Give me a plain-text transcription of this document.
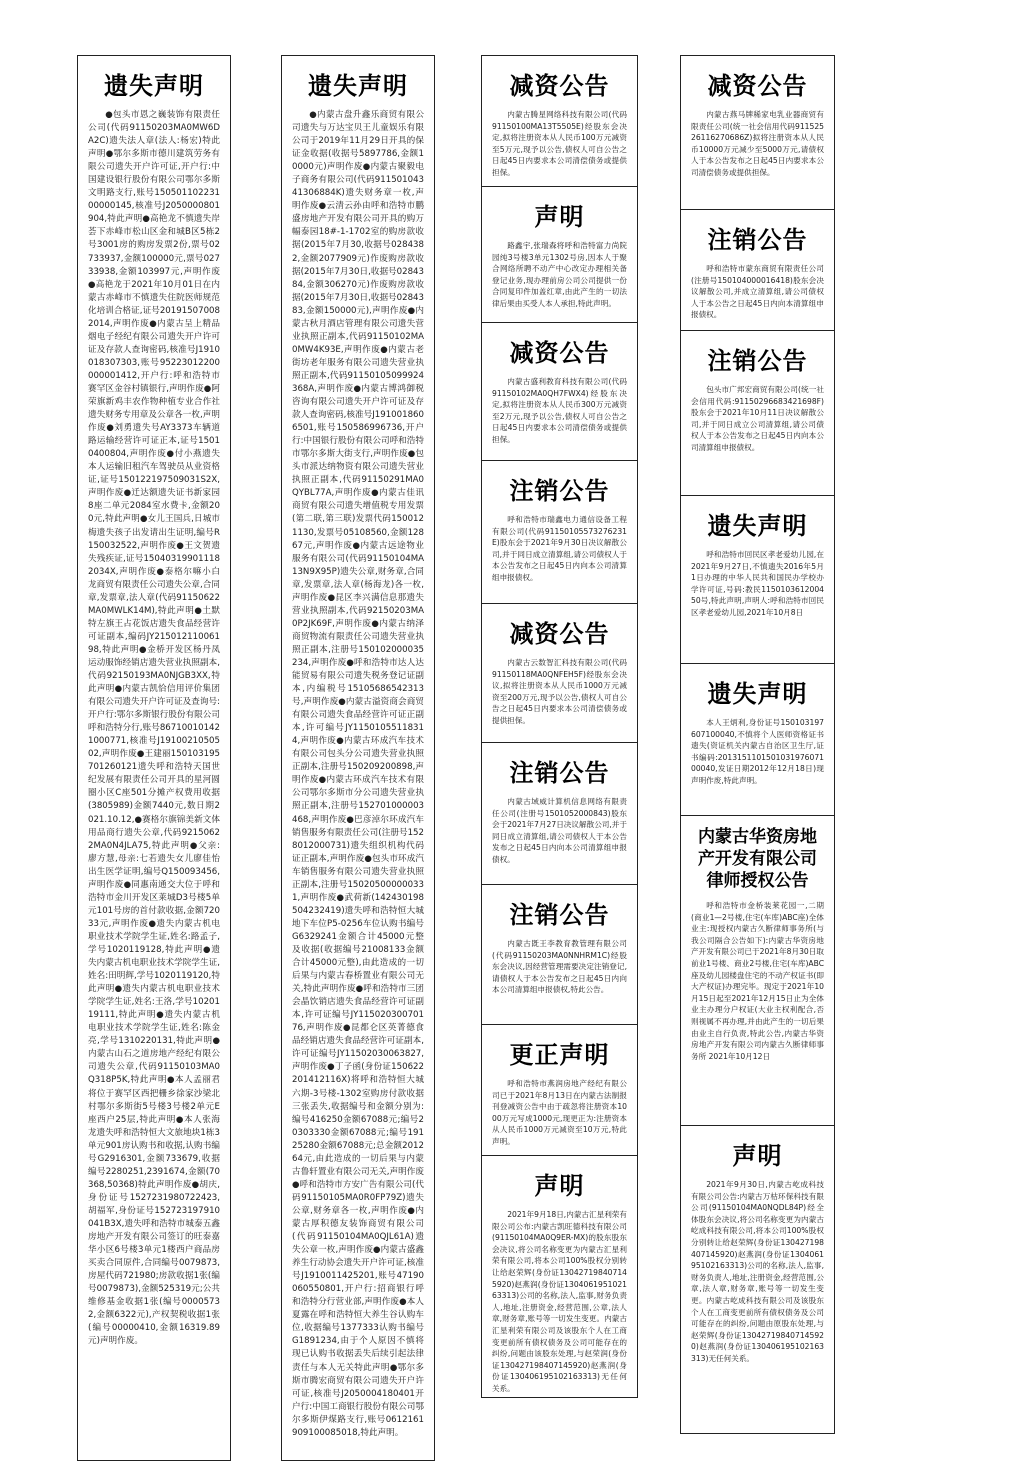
遗失声明

●包头市恩之巍装饰有限责任公司(代码91150203MA0MW6DA2C)遗失法人章(法人:杨宏)特此声明●鄂尔多斯市德川建筑劳务有限公司遗失开户许可证,开户行:中国建设银行股份有限公司鄂尔多斯文明路支行,账号15050110223100000145,核准号J2050000801904,特此声明●高艳龙不慎遗失岸荟下赤峰市松山区金和城B区5栋2号3001房的购房发票2份,票号02733937,金额100000元,票号02733938,金额103997元,声明作废●高艳龙于2021年10月01日在内蒙古赤峰市不慎遗失住院医师规范化培训合格证,证号201915070082014,声明作废●内蒙古呈上精品烟电子经纪有限公司遗失开户许可证及存款人查询密码,核准号J1910018307303,账号95223012200000001412,开户行:呼和浩特市赛罕区金谷村镇银行,声明作废●阿荣旗新鸡丰农作物种植专业合作社遗失财务专用章及公章各一枚,声明作废●刘勇遗失号AY3373车辆道路运输经营许可证正本,证号15010400804,声明作废●付小燕遗失本人运输旧租汽车驾驶员从业资格证,证号150122197509031S2X,声明作废●迁达额遗失证书新家园8座二单元2084室水费卡,金额200元,特此声明●女儿王国兵,日城市梅遗失孩子出发请出生证明,编号R150032522,声明作废●王文贺遗失残疾证,证号150403199011182034X,声明作废●泰格尔嘛小白龙商贸有限责任公司遗失公章,合同章,发票章,法人章(代码91150622MA0MWLK14M),特此声明●土默特左旗王占花饭店遗失食品经营许可证副本,编码JY21501211006198,特此声明●金桥开发区杨丹凤运动服饰经销店遗失营业执照副本,代码92150193MA0NJGB3XX,特此声明●内蒙古凯恰信用评价集团有限公司遗失开户许可证及查询号:开户行:鄂尔多斯银行股份有限公司呼和浩特分行,账号867100101421000771,核准号J1910021050502,声明作废●王建丽150103195701260121遗失呼和浩特天国世纪发展有限责任公司开具的星河圆圈小区C座501分摊产权费用收据(3805989)金额7440元,数日期2021.10.12,●赛格尔旗锦美新文体用品商行遗失公章,代码92150622MA0N4JLA75,特此声明●父亲:廖方慧,母亲:七若遗失女儿廖佳怡出生医学证明,编号Q150093456,声明作废●同惠南通交大位于呼和浩特市金川开发区莱城D3号楼5单元101号房的首付款收据,金额72033元,声明作废●遗失内蒙古机电职业技术学院学生证,姓名:路孟子,学号1020119128,特此声明●遗失内蒙古机电职业技术学院学生证,姓名:田明辉,学号1020119120,特此声明●遗失内蒙古机电职业技术学院学生证,姓名:王洛,学号1020119111,特此声明●遗失内蒙古机电职业技术学院学生证,姓名:陈金亮,学号1310220131,特此声明●内蒙古山石之道房地产经纪有限公司遗失公章,代码91150103MA0Q318P5K,特此声明●本人孟丽君将位于赛罕区西把栅乡徐家沙梁北村鄂尔多斯街5号楼3号楼2单元E座西户25层,特此声明●本人张海龙遗失呼和浩特恒大文旅地块1栋3单元901房认购书和收据,认购书编号G2916301,金额733679,收据编号2280251,2391674,金额(70368,50368)特此声明作废●胡庆,身份证号1527231980722423,胡福军,身份证号152723197910041B3X,遗失呼和浩特市城泰五鑫房地产开发有限公司签订的旺泰嘉华小区6号楼3单元1楼西户商品房买卖合同原件,合同编号0079873,房屋代码721980;房款收据1张(编号0079873),金额525319元;公共维修基金收据1张(编号00005732,金额6322元),产权契税收据1张(编号00000410,金额16319.89元)声明作废。

遗失声明

●内蒙古盘升鑫乐商贸有限公司遗失与万达宝贝王儿童娱乐有限公司于2019年11月29日开具的保证金收据(收据号5897786,金额10000元)声明作废●内蒙古聚毅电子商务有限公司(代码91150104341306884K)遗失财务章一枚,声明作废●云清云孙由呼和浩特市鹏盛房地产开发有限公司开具的购万幅泰园18#-1-1702室的购房款收据(2015年7月30,收据号0284382,金额2077909元)作废购房款收据(2015年7月30日,收据号0284384,金额306270元)作废购房款收据(2015年7月30日,收据号0284383,金额150000元),声明作废●内蒙古秋月酒店管理有限公司遗失营业执照正副本,代码91150102MA0MW4K93E,声明作废●内蒙古老街坊老年服务有限公司遗失营业执照正副本,代码91150105099924368A,声明作废●内蒙古博鸿御税咨询有限公司遗失开户许可证及存款人查询密码,核准号J1910018606501,账号150586996736,开户行:中国银行股份有限公司呼和浩特市鄂尔多斯大街支行,声明作废●包头市派达纳物资有限公司遗失营业执照正副本,代码91150291MA0QYBL77A,声明作废●内蒙古佳讯商贸有限公司遗失增值税专用发票(第二联,第三联)发票代码1500121130,发票号05108560,金额12867元,声明作废●内蒙古远途物业服务有限公司(代码91150104MA13N9X95P)遗失公章,财务章,合同章,发票章,法人章(杨海龙)各一枚,声明作废●昆区李兴满信息那遗失营业执照副本,代码92150203MA0P2JK69F,声明作废●内蒙古纳泽商贸物流有限责任公司遗失营业执照正副本,注册号150102000035234,声明作废●呼和浩特市达人达能贸易有限公司遗失税务登记证副本,内编税号15105686542313号,声明作废●内蒙古溢资商会商贸有限公司遗失食品经营许可证正副本,许可编号JY11501055118314,声明作废●内蒙古环成汽车技术有限公司包头分公司遗失营业执照正副本,注册号150209200898,声明作废●内蒙古环成汽车技术有限公司鄂尔多斯市分公司遗失营业执照正副本,注册号152701000003468,声明作废●巴彦淖尔环成汽车销售服务有限责任公司(注册号1528012000731)遗失组织机构代码证正副本,声明作废●包头市环成汽车销售服务有限公司遗失营业执照正副本,注册号150205000000331,声明作废●武荷新(142430198504232419)遗失呼和浩特恒大城地下车位P5-0256车位认购书编号G6329241金额合计45000元整及收据(收据编号21008133金额合计45000元整),由此造成的一切后果与内蒙古春桥置业有限公司无关,特此声明作废●呼和浩特市三团会晶饮销店遗失食品经营许可证副本,许可证编号JY11502030070176,声明作废●昆都仑区英菁德食品经销店遗失食品经营许可证副本,许可证编号JY11502030063827,声明作废●丁子函(身份证150622201412116X)将呼和浩特恒大城六期-3号楼-1302室购房付款收据三张丢失,收据编号和金额分别为:编号416250金额67088元;编号20303330金额67088元;编号19125280金额67088元;总金额201264元,由此造成的一切后果与内蒙古鲁轩置业有限公司无关,声明作废●呼和浩特市方安广告有限公司(代码91150105MA0R0FP79Z)遗失公章,财务章各一枚,声明作废●内蒙古厚积德友装饰商贸有限公司(代码91150104MA0QJL61A)遗失公章一枚,声明作废●内蒙古盛鑫养生行动协会遗失开户许可证,核准号J1910011425201,账号47190060550801,开户行:招商银行呼和浩特分行营业部,声明作废●本人夏露在呼和浩特恒大养生谷认购车位,收据编号1377333认购书编号G1891234,由于个人原因不慎将现已认购书收据丢失后续引起法律责任与本人无关特此声明●鄂尔多斯市腾宏商贸有限公司遗失开户许可证,核准号J2050004180401开户行:中国工商银行股份有限公司鄂尔多斯伊煤路支行,账号0612161909100085018,特此声明。

减资公告

内蒙古腾星网络科技有限公司(代码91150100MA13T5505E)经股东会决定,拟将注册资本从人民币100万元减资至5万元,现予以公告,债权人可自公告之日起45日内要求本公司清偿债务或提供担保。

声明

路鑫宇,张瑞森将呼和浩特富力尚院园纯3号楼3单元1302号房,因本人于聚合网络所聘不动产中心改定办理相关备登记业务,现办理前房公司公司提供一份合同复印件加盖红章,由此产生的一切法律后果由买受人本人承担,特此声明。

减资公告

内蒙古盛利教育科技有限公司(代码91150102MA0QH7FWX4)经股东决定,拟将注册资本从人民币300万元减资至2万元,现予以公告,债权人可自公告之日起45日内要求本公司清偿债务或提供担保。

注销公告

呼和浩特市瑞鑫电力通信设备工程有限公司(代码91150105573276231E)股东会于2021年9月30日决议解散公司,并于同日成立清算组,请公司债权人于本公告发布之日起45日内向本公司清算组申报债权。

减资公告

内蒙古云数智汇科技有限公司(代码91150118MA0QNFEH5F)经股东会决议,拟将注册资本从人民币1000万元减资至200万元,现予以公告,债权人可自公告之日起45日内要求本公司清偿债务或提供担保。

注销公告

内蒙古域威计算机信息网络有限责任公司(注册号1501052000843)股东会于2021年7月27日决议解散公司,并于同日成立清算组,请公司债权人于本公告发布之日起45日内向本公司清算组申报债权。

注销公告

内蒙古既王李教育教管理有限公司(代码91150203MA0NNHRM1C)经股东会决议,因经营管理需要决定注销登记,请债权人于本公告发布之日起45日内向本公司清算组申报债权,特此公告。

更正声明

呼和浩特市燕润房地产经纪有限公司已于2021年8月13日在内蒙古法制报刊登减资公告中由于疏忽将注册资本1000万元写成1000元,现更正为:注册资本从人民币1000万元减资至10万元,特此声明。

声明

2021年9月18日,内蒙古汇星利荣有限公司公布:内蒙古凯旺德科技有限公司(91150104MA0Q9ER-MX)的股东股东会决议,将公司名称变更为内蒙古汇星利荣有限公司,将本公司100%股权分别转让给赵荣辉(身份证130427198407145920)赵燕润(身份证130406195102163313)公司的名称,法人,监事,财务负责人,地址,注册资金,经营范围,公章,法人章,财务章,账号等一切发生变更。内蒙古汇星利荣有限公司及该股东个人在工商变更前所有债权债务及公司可能存在的纠纷,问题由该股东处理,与赵荣润(身份证130427198407145920)赵燕润(身份证130406195102163313)无任何关系。

减资公告

内蒙古燕马牌稀家电乳业器商贸有限责任公司(统一社会信用代码91152526116270686Z)拟将注册资本从人民币10000万元减少至5000万元,请债权人于本公告发布之日起45日内要求本公司清偿债务或提供担保。

注销公告

呼和浩特市蒙东商贸有限责任公司(注册号150104000016418)股东会决议解散公司,并成立清算组,请公司债权人于本公告之日起45日内向本清算组申报债权。

注销公告

包头市广邦宏商贸有限公司(统一社会信用代码:91150296683421698F)股东会于2021年10月11日决议解散公司,并于同日成立公司清算组,请公司债权人于本公告发布之日起45日内向本公司清算组申报债权。

遗失声明

呼和浩特市回民区孝老爱幼儿园,在2021年9月27日,不慎遗失2016年5月1日办理的中华人民共和国民办学校办学许可证,号码:教民115010361200450号,特此声明,声明人:呼和浩特市回民区孝老爱幼儿园,2021年10月8日

遗失声明

本人王炳利,身份证号150103197607100040,不慎将个人医师资格证书遗失(资证机关内蒙古自治区卫生厅,证书编码:201315110150103197607100040,发证日期2012年12月18日)现声明作废,特此声明。

内蒙古华资房地产开发有限公司律师授权公告

呼和浩特市金桥装莱花园一,二期(商业1—2号楼,住宅(车库)ABC座)全体业主:现授权内蒙古久断律师事务所(与我公司隔合公告如下):内蒙古华资房地产开发有限公司已于2021年8月30日取前业1号楼、商业2号楼,住宅(车库)ABC座及幼儿园楼盘住宅的不动产权证书(即大产权证)办理完毕。现定于2021年10月15日起至2021年12月15日止为全体业主办理分户权证(大业主权利配合,否则视属不再办理,并由此产生的一切后果由业主自行负责,特此公告,内蒙古华资房地产开发有限公司内蒙古久断律师事务所 2021年10月12日

声明

2021年9月30日,内蒙古屹成科技有限公司公告:内蒙古万枯环保科技有限公司(91150104MA0NQDL84P)经全体股东会决议,将公司名称变更为内蒙古屹成科技有限公司,将本公司100%股权分别转让给赵荣辉(身份证130427198407145920)赵燕润(身份证130406195102163313)公司的名称,法人,监事,财务负责人,地址,注册资金,经营范围,公章,法人章,财务章,账号等一切发生变更。内蒙古屹成科技有限公司及该股东个人在工商变更前所有债权债务及公司可能存在的纠纷,问题由原股东处理,与赵荣辉(身份证130427198407145920)赵燕润(身份证130406195102163313)无任何关系。
